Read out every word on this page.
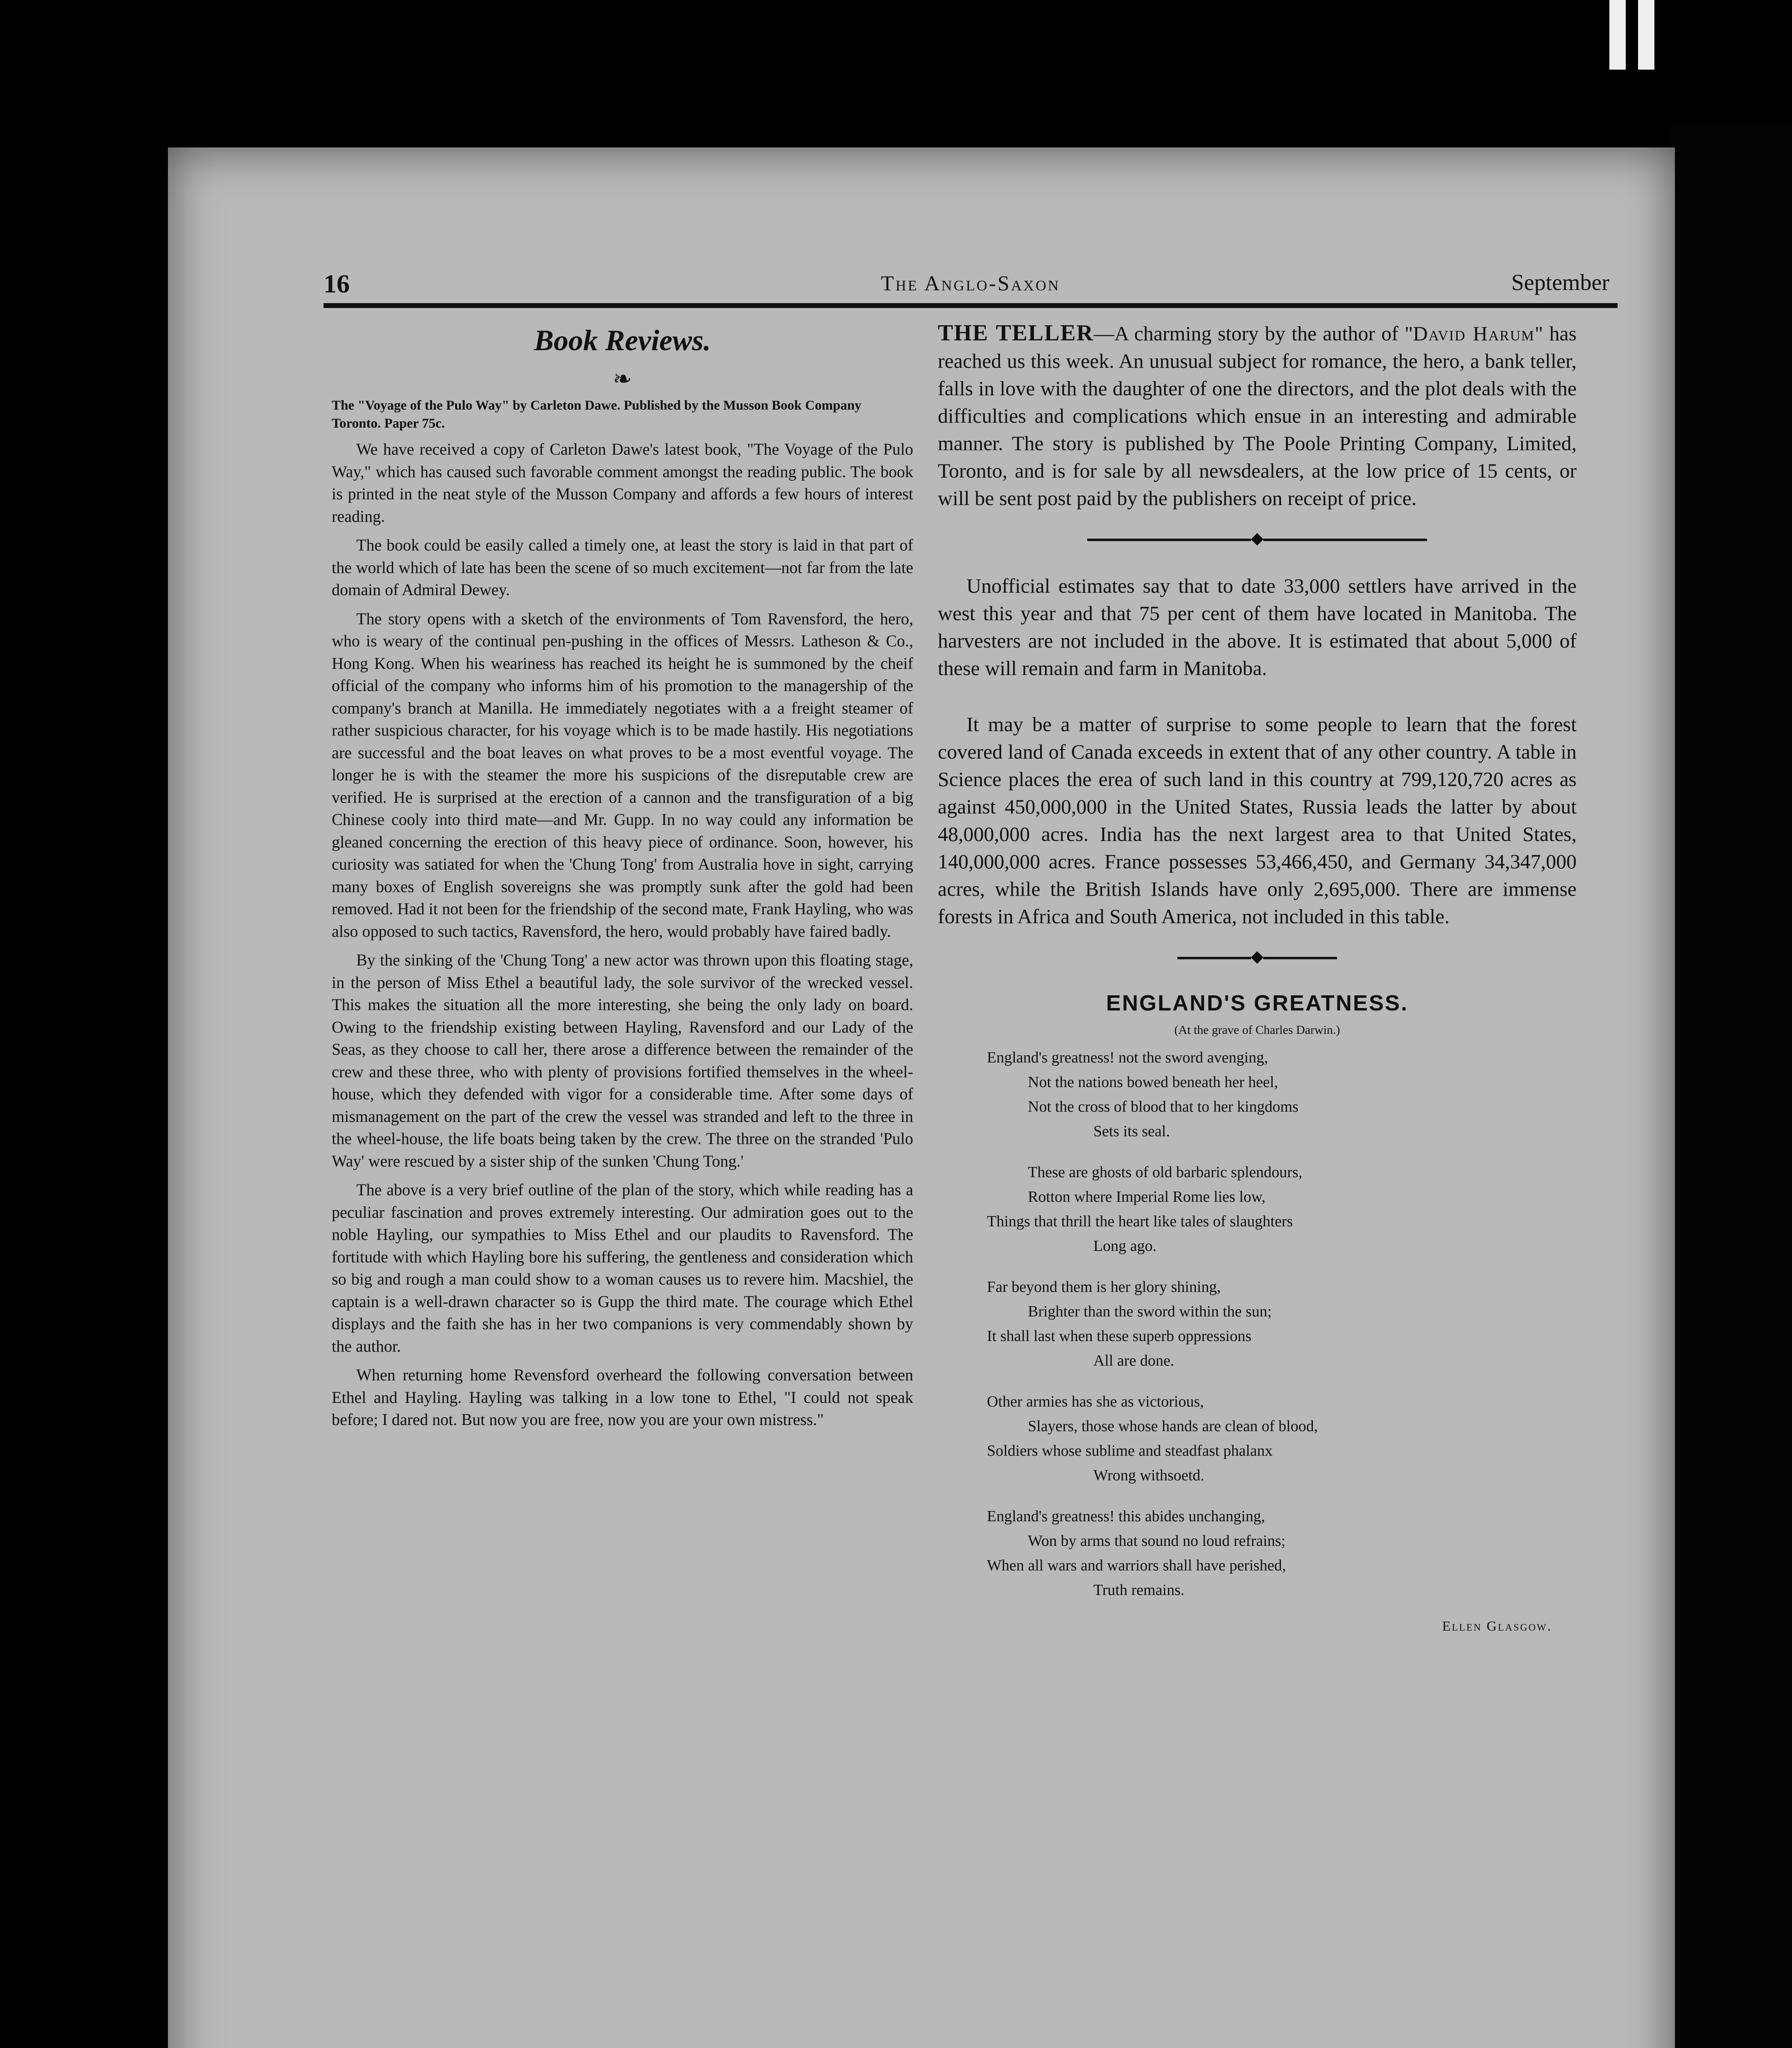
16	The Anglo-Saxon	September
Book Reviews.
❧

The "Voyage of the Pulo Way" by Carleton Dawe. Published by the Musson Book Company Toronto. Paper 75c.

We have received a copy of Carleton Dawe's latest book, "The Voyage of the Pulo Way," which has caused such favorable comment amongst the reading public. The book is printed in the neat style of the Musson Company and affords a few hours of interest reading.

The book could be easily called a timely one, at least the story is laid in that part of the world which of late has been the scene of so much excitement—not far from the late domain of Admiral Dewey.

The story opens with a sketch of the environments of Tom Ravensford, the hero, who is weary of the continual pen-pushing in the offices of Messrs. Latheson & Co., Hong Kong. When his weariness has reached its height he is summoned by the cheif official of the company who informs him of his promotion to the managership of the company's branch at Manilla. He immediately negotiates with a a freight steamer of rather suspicious character, for his voyage which is to be made hastily. His negotiations are successful and the boat leaves on what proves to be a most eventful voyage. The longer he is with the steamer the more his suspicions of the disreputable crew are verified. He is surprised at the erection of a cannon and the transfiguration of a big Chinese cooly into third mate—and Mr. Gupp. In no way could any information be gleaned concerning the erection of this heavy piece of ordinance. Soon, however, his curiosity was satiated for when the 'Chung Tong' from Australia hove in sight, carrying many boxes of English sovereigns she was promptly sunk after the gold had been removed. Had it not been for the friendship of the second mate, Frank Hayling, who was also opposed to such tactics, Ravensford, the hero, would probably have faired badly.

By the sinking of the 'Chung Tong' a new actor was thrown upon this floating stage, in the person of Miss Ethel a beautiful lady, the sole survivor of the wrecked vessel. This makes the situation all the more interesting, she being the only lady on board. Owing to the friendship existing between Hayling, Ravensford and our Lady of the Seas, as they choose to call her, there arose a difference between the remainder of the crew and these three, who with plenty of provisions fortified themselves in the wheel-house, which they defended with vigor for a considerable time. After some days of mismanagement on the part of the crew the vessel was stranded and left to the three in the wheel-house, the life boats being taken by the crew. The three on the stranded 'Pulo Way' were rescued by a sister ship of the sunken 'Chung Tong.'

The above is a very brief outline of the plan of the story, which while reading has a peculiar fascination and proves extremely interesting. Our admiration goes out to the noble Hayling, our sympathies to Miss Ethel and our plaudits to Ravensford. The fortitude with which Hayling bore his suffering, the gentleness and consideration which so big and rough a man could show to a woman causes us to revere him. Macshiel, the captain is a well-drawn character so is Gupp the third mate. The courage which Ethel displays and the faith she has in her two companions is very commendably shown by the author.

When returning home Revensford overheard the following conversation between Ethel and Hayling. Hayling was talking in a low tone to Ethel, "I could not speak before; I dared not. But now you are free, now you are your own mistress."

THE TELLER—A charming story by the author of "David Harum" has reached us this week. An unusual subject for romance, the hero, a bank teller, falls in love with the daughter of one the directors, and the plot deals with the difficulties and complications which ensue in an interesting and admirable manner. The story is published by The Poole Printing Company, Limited, Toronto, and is for sale by all newsdealers, at the low price of 15 cents, or will be sent post paid by the publishers on receipt of price.

◆

Unofficial estimates say that to date 33,000 settlers have arrived in the west this year and that 75 per cent of them have located in Manitoba. The harvesters are not included in the above. It is estimated that about 5,000 of these will remain and farm in Manitoba.

It may be a matter of surprise to some people to learn that the forest covered land of Canada exceeds in extent that of any other country. A table in Science places the erea of such land in this country at 799,120,720 acres as against 450,000,000 in the United States, Russia leads the latter by about 48,000,000 acres. India has the next largest area to that United States, 140,000,000 acres. France possesses 53,466,450, and Germany 34,347,000 acres, while the British Islands have only 2,695,000. There are immense forests in Africa and South America, not included in this table.

◆
ENGLAND'S GREATNESS.
(At the grave of Charles Darwin.)
England's greatness! not the sword avenging,
Not the nations bowed beneath her heel,
Not the cross of blood that to her kingdoms
Sets its seal.
These are ghosts of old barbaric splendours,
Rotton where Imperial Rome lies low,
Things that thrill the heart like tales of slaughters
Long ago.
Far beyond them is her glory shining,
Brighter than the sword within the sun;
It shall last when these superb oppressions
All are done.
Other armies has she as victorious,
Slayers, those whose hands are clean of blood,
Soldiers whose sublime and steadfast phalanx
Wrong withsoetd.
England's greatness! this abides unchanging,
Won by arms that sound no loud refrains;
When all wars and warriors shall have perished,
Truth remains.
Ellen Glasgow.
